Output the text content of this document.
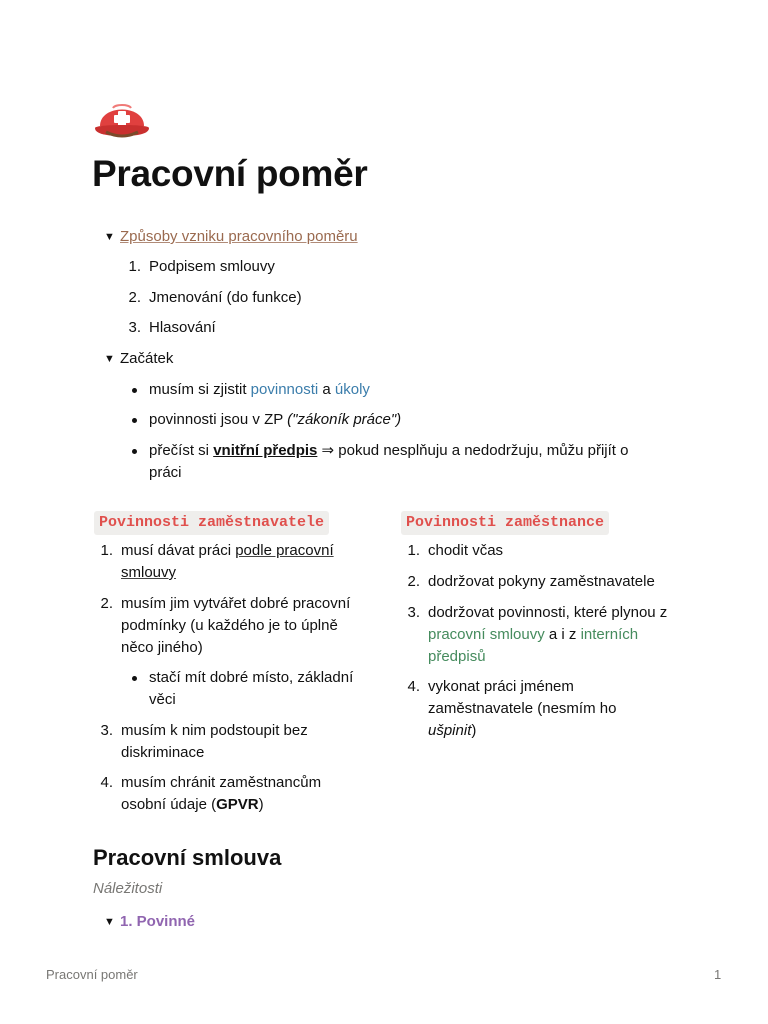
Pracovní poměr
▼ Způsoby vzniku pracovního poměru
1. Podpisem smlouvy
2. Jmenování (do funkce)
3. Hlasování
▼ Začátek
musím si zjistit povinnosti a úkoly
povinnosti jsou v ZP ("zákoník práce")
přečíst si vnitřní předpis ⇒ pokud nesplňuju a nedodržuju, můžu přijít o
práci
Povinnosti zaměstnavatele
1. musí dávat práci podle pracovní
smlouvy
2. musím jim vytvářet dobré pracovní
podmínky (u každého je to úplně
něco jiného)
stačí mít dobré místo, základní
věci
3. musím k nim podstoupit bez
diskriminace
4. musím chránit zaměstnancům
osobní údaje (GPVR)
Povinnosti zaměstnance
1. chodit včas
2. dodržovat pokyny zaměstnavatele
3. dodržovat povinnosti, které plynou z
pracovní smlouvy a i z interních
předpisů
4. vykonat práci jménem
zaměstnavatele (nesmím ho
ušpinit)
Pracovní smlouva
Náležitosti
▼ 1. Povinné
Pracovní poměr	1
